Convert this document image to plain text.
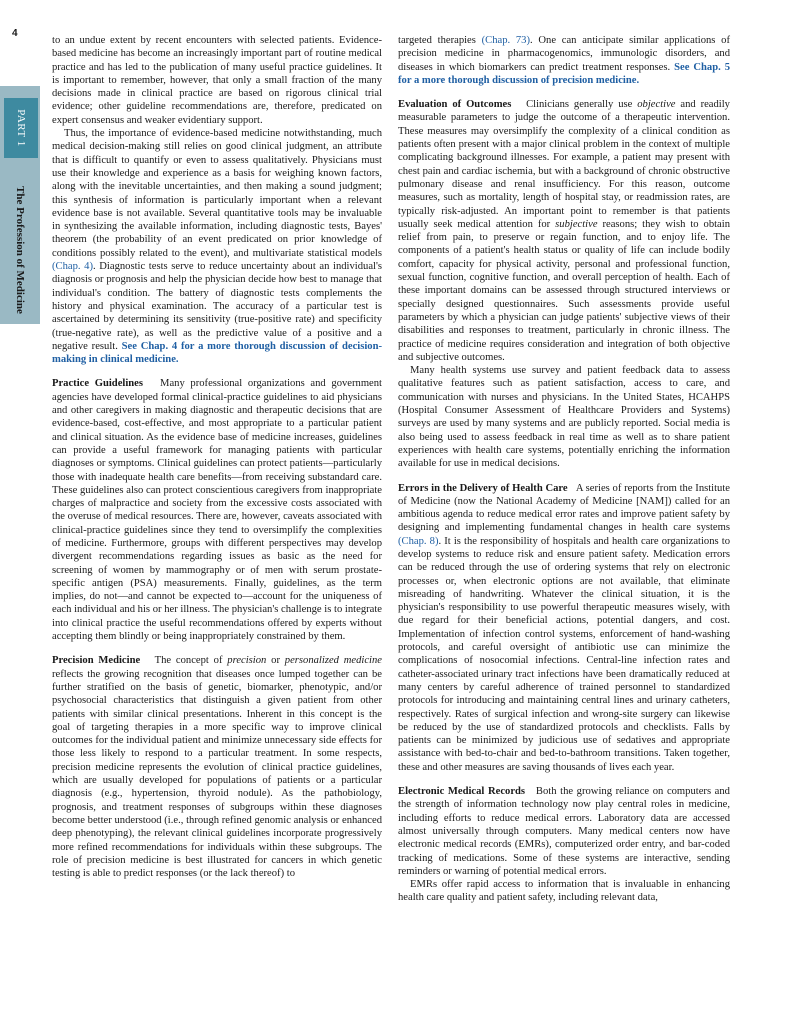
4
PART 1
The Profession of Medicine

to an undue extent by recent encounters with selected patients. Evidence-based medicine has become an increasingly important part of routine medical practice and has led to the publication of many useful practice guidelines. It is important to remember, however, that only a small fraction of the many decisions made in clinical practice are based on rigorous clinical trial evidence; other guideline recommendations are, therefore, predicated on expert consensus and weaker evidentiary support.

Thus, the importance of evidence-based medicine notwithstanding, much medical decision-making still relies on good clinical judgment, an attribute that is difficult to quantify or even to assess qualitatively. Physicians must use their knowledge and experience as a basis for weighing known factors, along with the inevitable uncertainties, and then making a sound judgment; this synthesis of information is particularly important when a relevant evidence base is not available. Several quantitative tools may be invaluable in synthesizing the available information, including diagnostic tests, Bayes' theorem (the probability of an event predicated on prior knowledge of conditions possibly related to the event), and multivariate statistical models (Chap. 4). Diagnostic tests serve to reduce uncertainty about an individual's diagnosis or prognosis and help the physician decide how best to manage that individual's condition. The battery of diagnostic tests complements the history and physical examination. The accuracy of a particular test is ascertained by determining its sensitivity (true-positive rate) and specificity (true-negative rate), as well as the predictive value of a positive and a negative result. See Chap. 4 for a more thorough discussion of decision-making in clinical medicine.

Practice Guidelines Many professional organizations and government agencies have developed formal clinical-practice guidelines to aid physicians and other caregivers in making diagnostic and therapeutic decisions that are evidence-based, cost-effective, and most appropriate to a particular patient and clinical situation. As the evidence base of medicine increases, guidelines can provide a useful framework for managing patients with particular diagnoses or symptoms. Clinical guidelines can protect patients—particularly those with inadequate health care benefits—from receiving substandard care. These guidelines also can protect conscientious caregivers from inappropriate charges of malpractice and society from the excessive costs associated with the overuse of medical resources. There are, however, caveats associated with clinical-practice guidelines since they tend to oversimplify the complexities of medicine. Furthermore, groups with different perspectives may develop divergent recommendations regarding issues as basic as the need for screening of women by mammography or of men with serum prostate-specific antigen (PSA) measurements. Finally, guidelines, as the term implies, do not—and cannot be expected to—account for the uniqueness of each individual and his or her illness. The physician's challenge is to integrate into clinical practice the useful recommendations offered by experts without accepting them blindly or being inappropriately constrained by them.

Precision Medicine The concept of precision or personalized medicine reflects the growing recognition that diseases once lumped together can be further stratified on the basis of genetic, biomarker, phenotypic, and/or psychosocial characteristics that distinguish a given patient from other patients with similar clinical presentations. Inherent in this concept is the goal of targeting therapies in a more specific way to improve clinical outcomes for the individual patient and minimize unnecessary side effects for those less likely to respond to a particular treatment. In some respects, precision medicine represents the evolution of clinical practice guidelines, which are usually developed for populations of patients or a particular diagnosis (e.g., hypertension, thyroid nodule). As the pathobiology, prognosis, and treatment responses of subgroups within these diagnoses become better understood (i.e., through refined genomic analysis or enhanced deep phenotyping), the relevant clinical guidelines incorporate progressively more refined recommendations for individuals within these subgroups. The role of precision medicine is best illustrated for cancers in which genetic testing is able to predict responses (or the lack thereof) to

targeted therapies (Chap. 73). One can anticipate similar applications of precision medicine in pharmacogenomics, immunologic disorders, and diseases in which biomarkers can predict treatment responses. See Chap. 5 for a more thorough discussion of precision medicine.

Evaluation of Outcomes Clinicians generally use objective and readily measurable parameters to judge the outcome of a therapeutic intervention. These measures may oversimplify the complexity of a clinical condition as patients often present with a major clinical problem in the context of multiple complicating background illnesses. For example, a patient may present with chest pain and cardiac ischemia, but with a background of chronic obstructive pulmonary disease and renal insufficiency. For this reason, outcome measures, such as mortality, length of hospital stay, or readmission rates, are typically risk-adjusted. An important point to remember is that patients usually seek medical attention for subjective reasons; they wish to obtain relief from pain, to preserve or regain function, and to enjoy life. The components of a patient's health status or quality of life can include bodily comfort, capacity for physical activity, personal and professional function, sexual function, cognitive function, and overall perception of health. Each of these important domains can be assessed through structured interviews or specially designed questionnaires. Such assessments provide useful parameters by which a physician can judge patients' subjective views of their disabilities and responses to treatment, particularly in chronic illness. The practice of medicine requires consideration and integration of both objective and subjective outcomes.

Many health systems use survey and patient feedback data to assess qualitative features such as patient satisfaction, access to care, and communication with nurses and physicians. In the United States, HCAHPS (Hospital Consumer Assessment of Healthcare Providers and Systems) surveys are used by many systems and are publicly reported. Social media is also being used to assess feedback in real time as well as to share patient experiences with health care systems, potentially enriching the information available for use in medical decisions.

Errors in the Delivery of Health Care A series of reports from the Institute of Medicine (now the National Academy of Medicine [NAM]) called for an ambitious agenda to reduce medical error rates and improve patient safety by designing and implementing fundamental changes in health care systems (Chap. 8). It is the responsibility of hospitals and health care organizations to develop systems to reduce risk and ensure patient safety. Medication errors can be reduced through the use of ordering systems that rely on electronic processes or, when electronic options are not available, that eliminate misreading of handwriting. Whatever the clinical situation, it is the physician's responsibility to use powerful therapeutic measures wisely, with due regard for their beneficial actions, potential dangers, and cost. Implementation of infection control systems, enforcement of hand-washing protocols, and careful oversight of antibiotic use can minimize the complications of nosocomial infections. Central-line infection rates and catheter-associated urinary tract infections have been dramatically reduced at many centers by careful adherence of trained personnel to standardized protocols for introducing and maintaining central lines and urinary catheters, respectively. Rates of surgical infection and wrong-site surgery can likewise be reduced by the use of standardized protocols and checklists. Falls by patients can be minimized by judicious use of sedatives and appropriate assistance with bed-to-chair and bed-to-bathroom transitions. Taken together, these and other measures are saving thousands of lives each year.

Electronic Medical Records Both the growing reliance on computers and the strength of information technology now play central roles in medicine, including efforts to reduce medical errors. Laboratory data are accessed almost universally through computers. Many medical centers now have electronic medical records (EMRs), computerized order entry, and bar-coded tracking of medications. Some of these systems are interactive, sending reminders or warning of potential medical errors.

EMRs offer rapid access to information that is invaluable in enhancing health care quality and patient safety, including relevant data,
